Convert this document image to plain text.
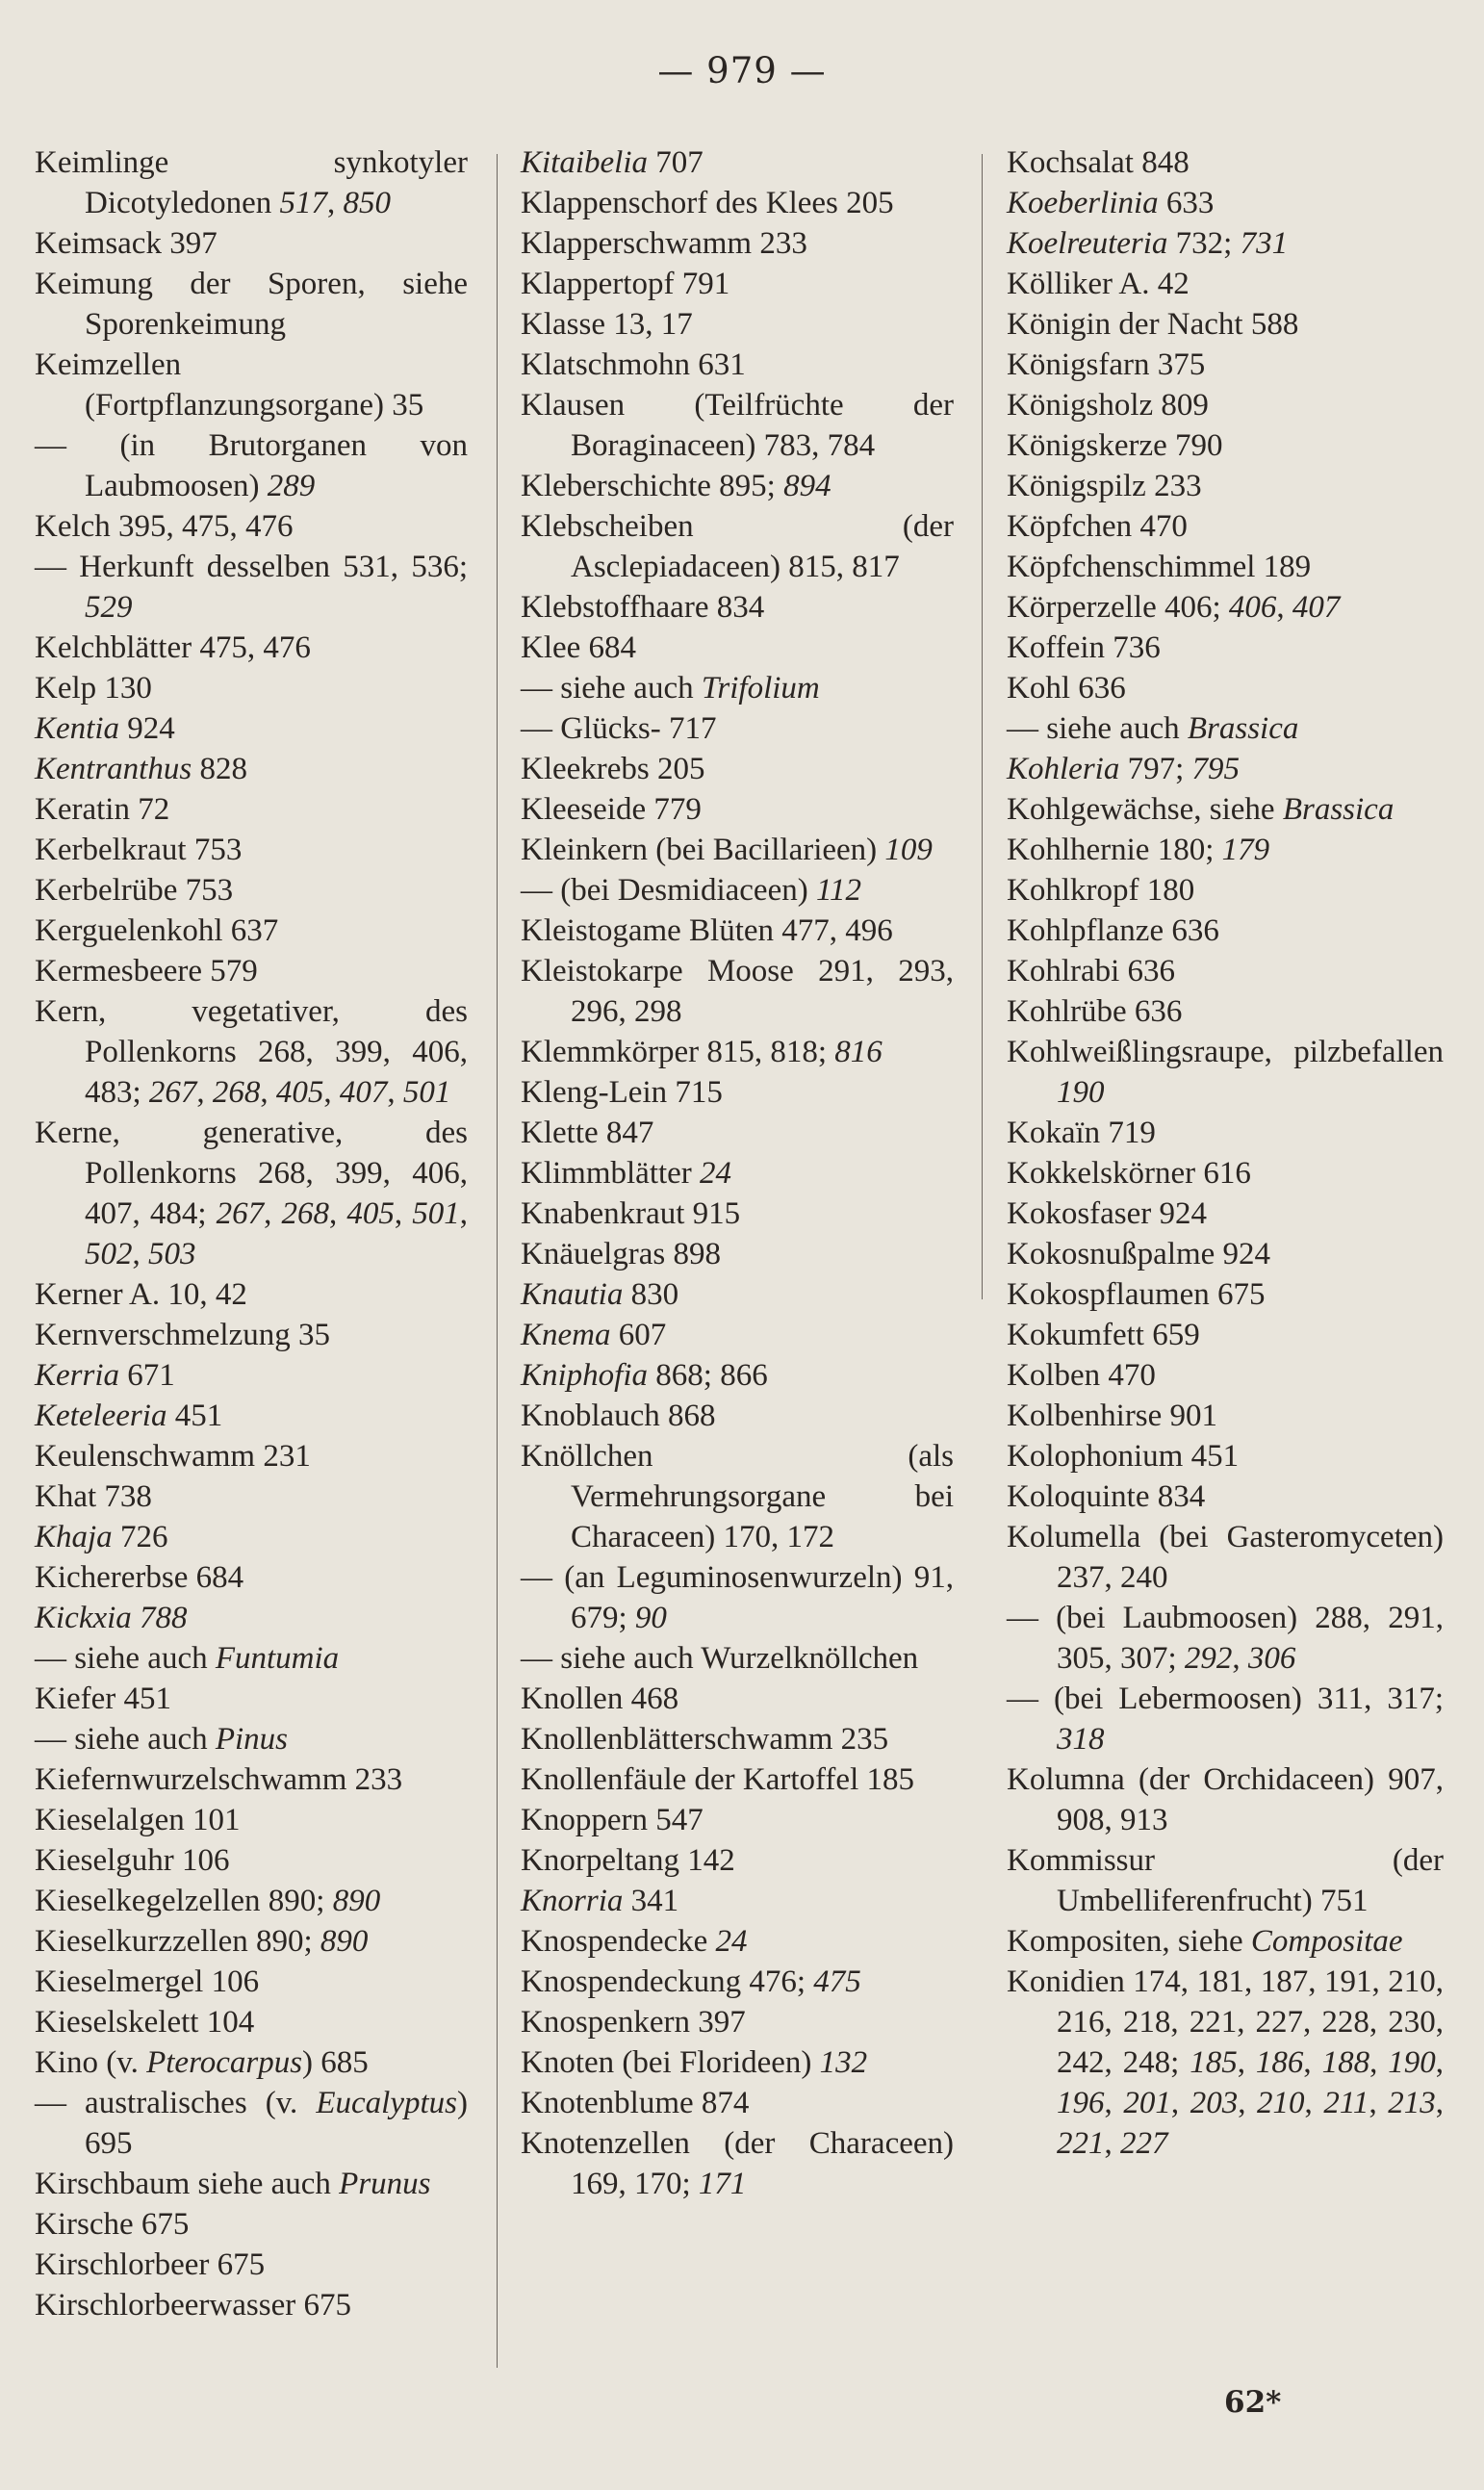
— 979 —
Keimlinge synkotyler Dicotyledonen 517, 850
Keimsack 397
Keimung der Sporen, siehe Sporenkeimung
Keimzellen (Fortpflanzungsorgane) 35
— (in Brutorganen von Laubmoosen) 289
Kelch 395, 475, 476
— Herkunft desselben 531, 536; 529
Kelchblätter 475, 476
Kelp 130
Kentia 924
Kentranthus 828
Keratin 72
Kerbelkraut 753
Kerbelrübe 753
Kerguelenkohl 637
Kermesbeere 579
Kern, vegetativer, des Pollenkorns 268, 399, 406, 483; 267, 268, 405, 407, 501
Kerne, generative, des Pollenkorns 268, 399, 406, 407, 484; 267, 268, 405, 501, 502, 503
Kerner A. 10, 42
Kernverschmelzung 35
Kerria 671
Keteleeria 451
Keulenschwamm 231
Khat 738
Khaja 726
Kichererbse 684
Kickxia 788
— siehe auch Funtumia
Kiefer 451
— siehe auch Pinus
Kiefernwurzelschwamm 233
Kieselalgen 101
Kieselguhr 106
Kieselkegelzellen 890; 890
Kieselkurzzellen 890; 890
Kieselmergel 106
Kieselskelett 104
Kino (v. Pterocarpus) 685
— australisches (v. Eucalyptus) 695
Kirschbaum siehe auch Prunus
Kirsche 675
Kirschlorbeer 675
Kirschlorbeerwasser 675
Kitaibelia 707
Klappenschorf des Klees 205
Klapperschwamm 233
Klappertopf 791
Klasse 13, 17
Klatschmohn 631
Klausen (Teilfrüchte der Boraginaceen) 783, 784
Kleberschichte 895; 894
Klebscheiben (der Asclepiadaceen) 815, 817
Klebstoffhaare 834
Klee 684
— siehe auch Trifolium
— Glücks- 717
Kleekrebs 205
Kleeseide 779
Kleinkern (bei Bacillarieen) 109
— (bei Desmidiaceen) 112
Kleistogame Blüten 477, 496
Kleistokarpe Moose 291, 293, 296, 298
Klemmkörper 815, 818; 816
Kleng-Lein 715
Klette 847
Klimmblätter 24
Knabenkraut 915
Knäuelgras 898
Knautia 830
Knema 607
Kniphofia 868; 866
Knoblauch 868
Knöllchen (als Vermehrungsorgane bei Characeen) 170, 172
— (an Leguminosenwurzeln) 91, 679; 90
— siehe auch Wurzelknöllchen
Knollen 468
Knollenblätterschwamm 235
Knollenfäule der Kartoffel 185
Knoppern 547
Knorpeltang 142
Knorria 341
Knospendecke 24
Knospendeckung 476; 475
Knospenkern 397
Knoten (bei Florideen) 132
Knotenblume 874
Knotenzellen (der Characeen) 169, 170; 171
Kochsalat 848
Koeberlinia 633
Koelreuteria 732; 731
Kölliker A. 42
Königin der Nacht 588
Königsfarn 375
Königsholz 809
Königskerze 790
Königspilz 233
Köpfchen 470
Köpfchenschimmel 189
Körperzelle 406; 406, 407
Koffein 736
Kohl 636
— siehe auch Brassica
Kohleria 797; 795
Kohlgewächse, siehe Brassica
Kohlhernie 180; 179
Kohlkropf 180
Kohlpflanze 636
Kohlrabi 636
Kohlrübe 636
Kohlweißlingsraupe, pilzbefallen 190
Kokaïn 719
Kokkelskörner 616
Kokosfaser 924
Kokosnußpalme 924
Kokospflaumen 675
Kokumfett 659
Kolben 470
Kolbenhirse 901
Kolophonium 451
Koloquinte 834
Kolumella (bei Gasteromyceten) 237, 240
— (bei Laubmoosen) 288, 291, 305, 307; 292, 306
— (bei Lebermoosen) 311, 317; 318
Kolumna (der Orchidaceen) 907, 908, 913
Kommissur (der Umbelliferenfrucht) 751
Kompositen, siehe Compositae
Konidien 174, 181, 187, 191, 210, 216, 218, 221, 227, 228, 230, 242, 248; 185, 186, 188, 190, 196, 201, 203, 210, 211, 213, 221, 227
62*
